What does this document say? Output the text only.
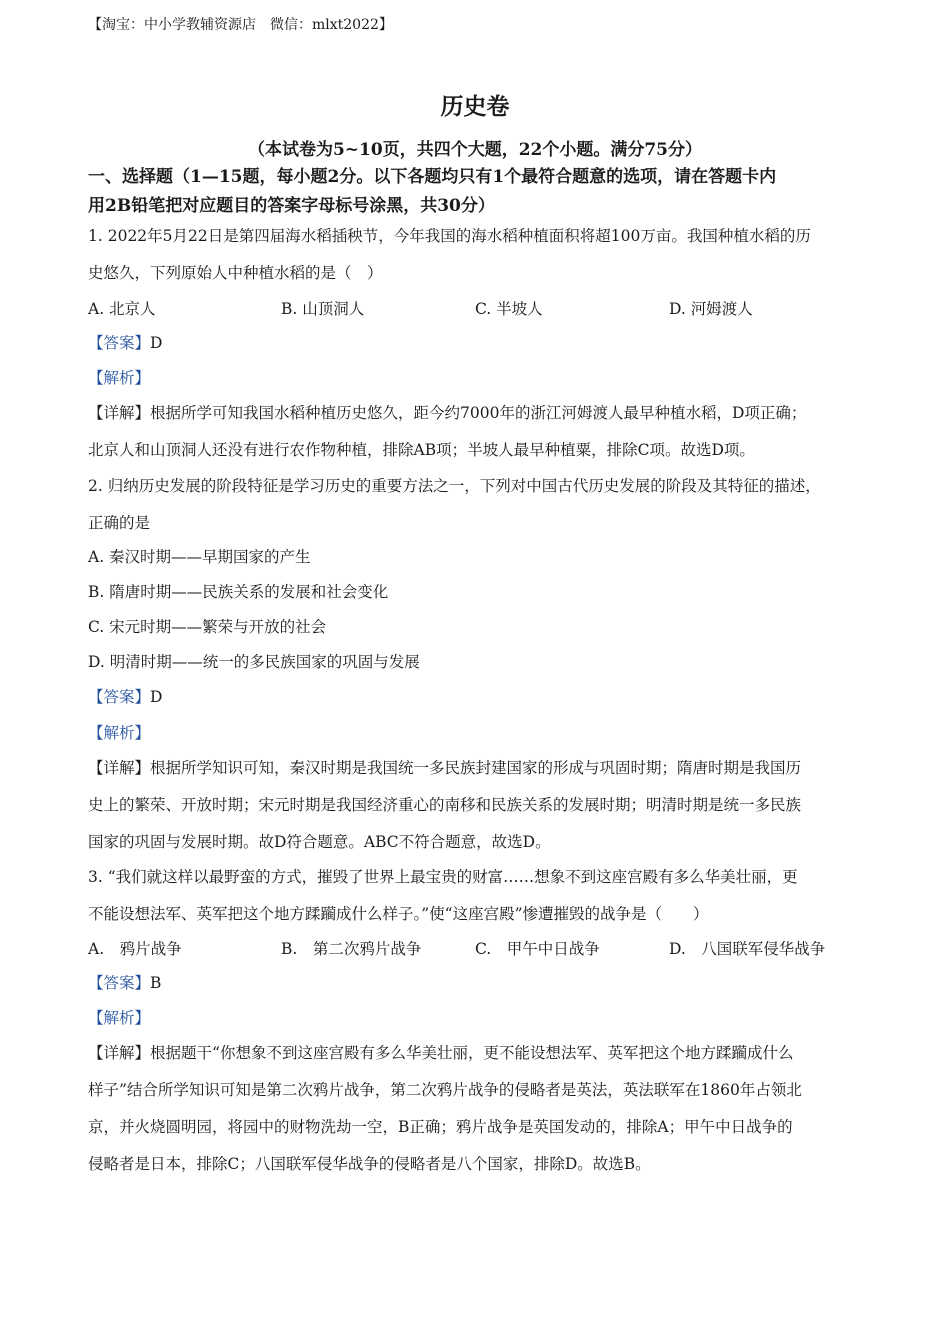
【淘宝：中小学教辅资源店　微信：mlxt2022】
历史卷
（本试卷为5~10页，共四个大题，22个小题。满分75分）
一、选择题（1—15题，每小题2分。以下各题均只有1个最符合题意的选项，请在答题卡内
用2B铅笔把对应题目的答案字母标号涂黑，共30分）
1. 2022年5月22日是第四届海水稻插秧节，今年我国的海水稻种植面积将超100万亩。我国种植水稻的历
史悠久，下列原始人中种植水稻的是（　）
A. 北京人	B. 山顶洞人	C. 半坡人	D. 河姆渡人
【答案】D
【解析】
【详解】根据所学可知我国水稻种植历史悠久，距今约7000年的浙江河姆渡人最早种植水稻，D项正确；
北京人和山顶洞人还没有进行农作物种植，排除AB项；半坡人最早种植粟，排除C项。故选D项。
2. 归纳历史发展的阶段特征是学习历史的重要方法之一，下列对中国古代历史发展的阶段及其特征的描述，
正确的是
A. 秦汉时期——早期国家的产生
B. 隋唐时期——民族关系的发展和社会变化
C. 宋元时期——繁荣与开放的社会
D. 明清时期——统一的多民族国家的巩固与发展
【答案】D
【解析】
【详解】根据所学知识可知，秦汉时期是我国统一多民族封建国家的形成与巩固时期；隋唐时期是我国历
史上的繁荣、开放时期；宋元时期是我国经济重心的南移和民族关系的发展时期；明清时期是统一多民族
国家的巩固与发展时期。故D符合题意。ABC不符合题意，故选D。
3. “我们就这样以最野蛮的方式，摧毁了世界上最宝贵的财富……想象不到这座宫殿有多么华美壮丽，更
不能设想法军、英军把这个地方蹂躏成什么样子。”使“这座宫殿”惨遭摧毁的战争是（　　）
A.　鸦片战争	B.　第二次鸦片战争	C.　甲午中日战争	D.　八国联军侵华战争
【答案】B
【解析】
【详解】根据题干“你想象不到这座宫殿有多么华美壮丽，更不能设想法军、英军把这个地方蹂躏成什么
样子”结合所学知识可知是第二次鸦片战争，第二次鸦片战争的侵略者是英法，英法联军在1860年占领北
京，并火烧圆明园，将园中的财物洗劫一空，B正确；鸦片战争是英国发动的，排除A；甲午中日战争的
侵略者是日本，排除C；八国联军侵华战争的侵略者是八个国家，排除D。故选B。
